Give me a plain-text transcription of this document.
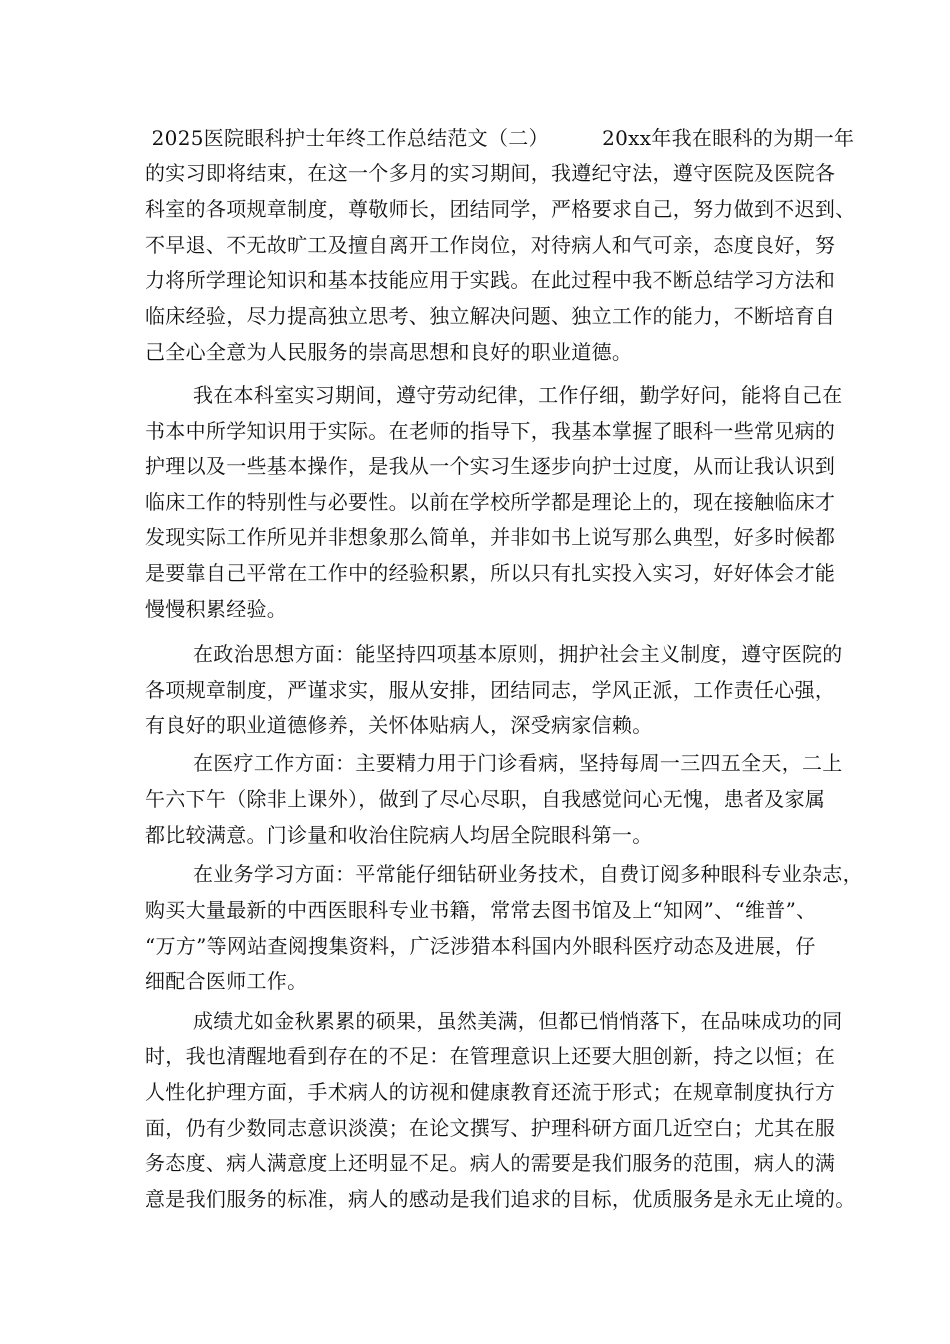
2025医院眼科护士年终工作总结范文（二）        20xx年我在眼科的为期一年
的实习即将结束，在这一个多月的实习期间，我遵纪守法，遵守医院及医院各
科室的各项规章制度，尊敬师长，团结同学，严格要求自己，努力做到不迟到、
不早退、不无故旷工及擅自离开工作岗位，对待病人和气可亲，态度良好，努
力将所学理论知识和基本技能应用于实践。在此过程中我不断总结学习方法和
临床经验，尽力提高独立思考、独立解决问题、独立工作的能力，不断培育自
己全心全意为人民服务的崇高思想和良好的职业道德。
我在本科室实习期间，遵守劳动纪律，工作仔细，勤学好问，能将自己在
书本中所学知识用于实际。在老师的指导下，我基本掌握了眼科一些常见病的
护理以及一些基本操作，是我从一个实习生逐步向护士过度，从而让我认识到
临床工作的特别性与必要性。以前在学校所学都是理论上的，现在接触临床才
发现实际工作所见并非想象那么简单，并非如书上说写那么典型，好多时候都
是要靠自己平常在工作中的经验积累，所以只有扎实投入实习，好好体会才能
慢慢积累经验。
在政治思想方面：能坚持四项基本原则，拥护社会主义制度，遵守医院的
各项规章制度，严谨求实，服从安排，团结同志，学风正派，工作责任心强，
有良好的职业道德修养，关怀体贴病人，深受病家信赖。
在医疗工作方面：主要精力用于门诊看病，坚持每周一三四五全天，二上
午六下午（除非上课外），做到了尽心尽职，自我感觉问心无愧，患者及家属
都比较满意。门诊量和收治住院病人均居全院眼科第一。
在业务学习方面：平常能仔细钻研业务技术，自费订阅多种眼科专业杂志，
购买大量最新的中西医眼科专业书籍，常常去图书馆及上“知网”、“维普”、
“万方”等网站查阅搜集资料，广泛涉猎本科国内外眼科医疗动态及进展，仔
细配合医师工作。
成绩尤如金秋累累的硕果，虽然美满，但都已悄悄落下，在品味成功的同
时，我也清醒地看到存在的不足：在管理意识上还要大胆创新，持之以恒；在
人性化护理方面，手术病人的访视和健康教育还流于形式；在规章制度执行方
面，仍有少数同志意识淡漠；在论文撰写、护理科研方面几近空白；尤其在服
务态度、病人满意度上还明显不足。病人的需要是我们服务的范围，病人的满
意是我们服务的标准，病人的感动是我们追求的目标，优质服务是永无止境的。
